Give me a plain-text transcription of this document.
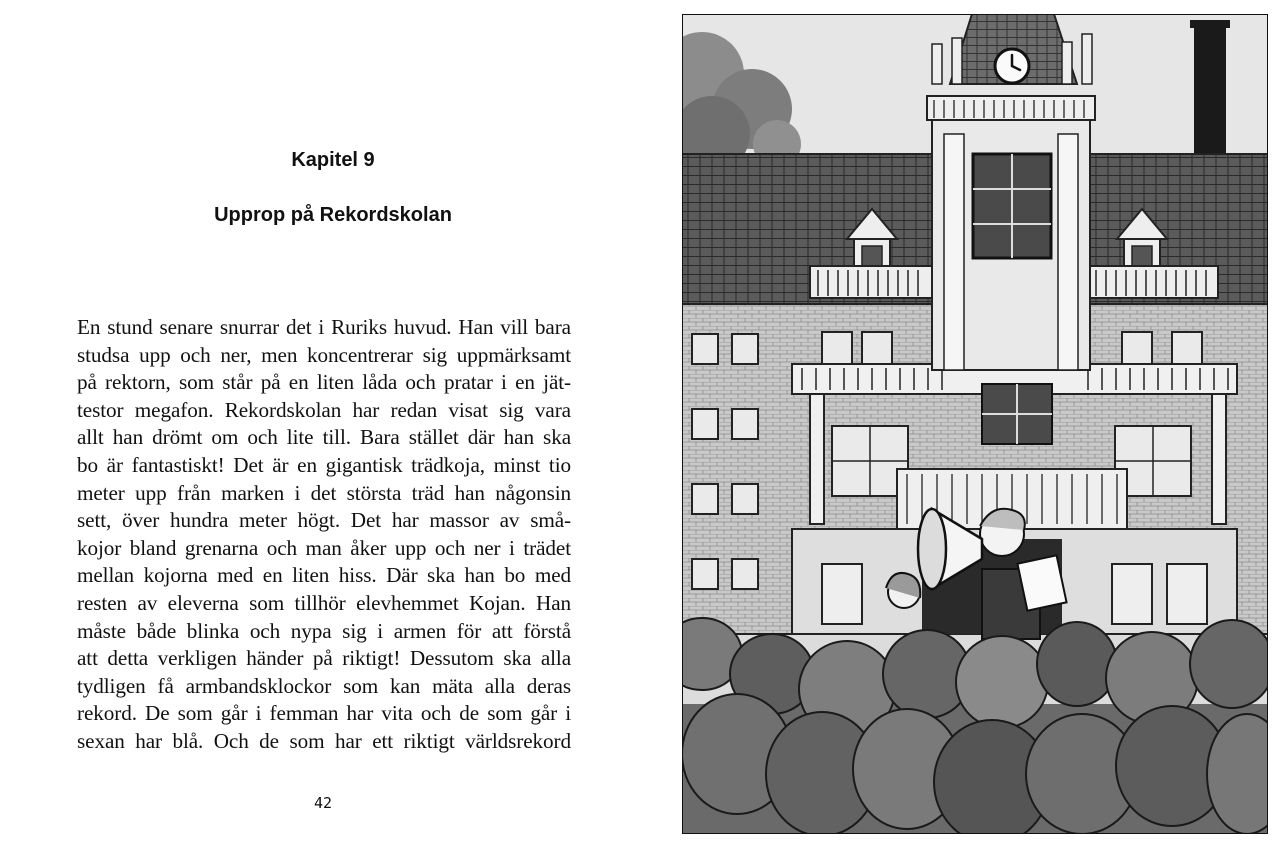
Kapitel 9
Upprop på Rekordskolan

En stund senare snurrar det i Ruriks huvud. Han vill bara
studsa upp och ner, men koncentrerar sig uppmärksamt
på rektorn, som står på en liten låda och pratar i en jät-
testor megafon. Rekordskolan har redan visat sig vara
allt han drömt om och lite till. Bara stället där han ska
bo är fantastiskt! Det är en gigantisk trädkoja, minst tio
meter upp från marken i det största träd han någonsin
sett, över hundra meter högt. Det har massor av små-
kojor bland grenarna och man åker upp och ner i trädet
mellan kojorna med en liten hiss. Där ska han bo med
resten av eleverna som tillhör elevhemmet Kojan. Han
måste både blinka och nypa sig i armen för att förstå
att detta verkligen händer på riktigt! Dessutom ska alla
tydligen få armbandsklockor som kan mäta alla deras
rekord. De som går i femman har vita och de som går i
sexan har blå. Och de som har ett riktigt världsrekord

42
